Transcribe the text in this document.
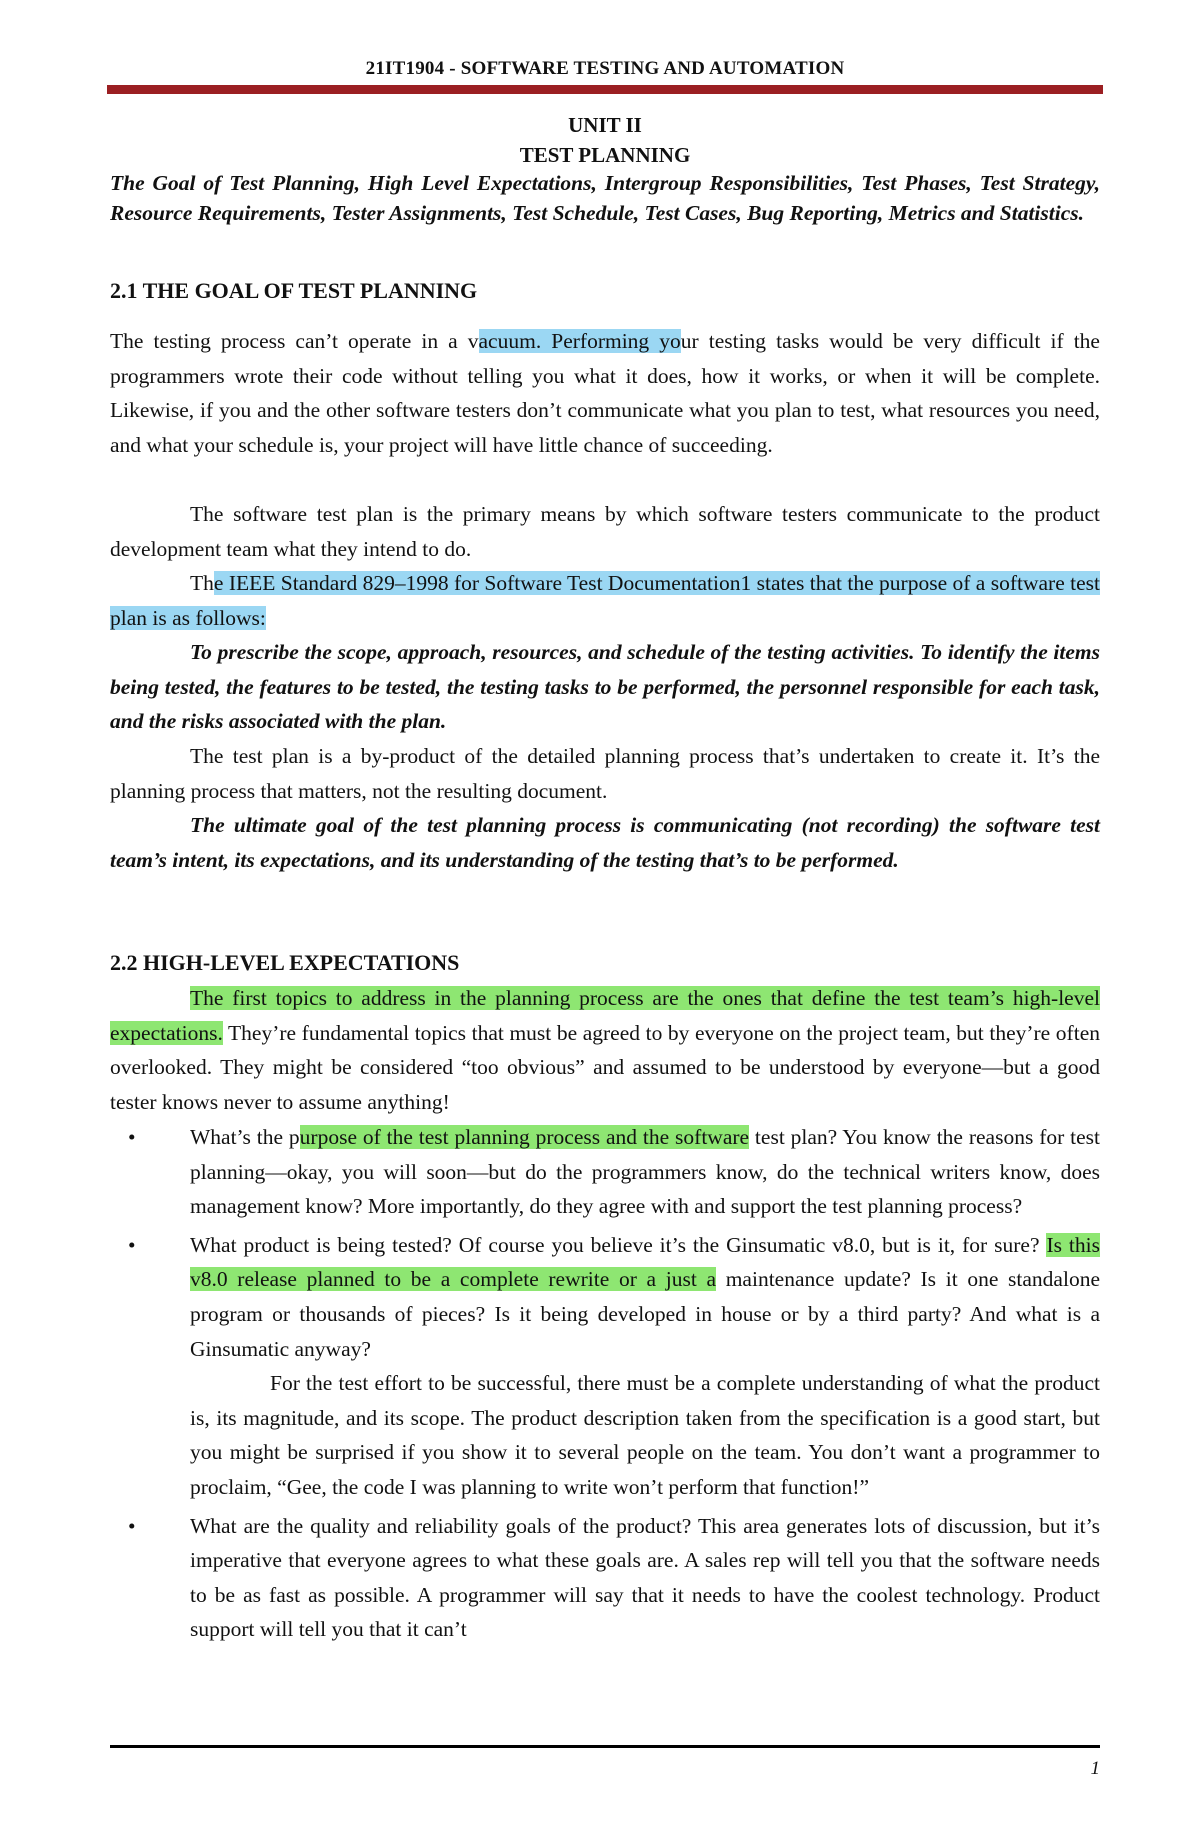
21IT1904 - SOFTWARE TESTING AND AUTOMATION
UNIT II
TEST PLANNING
The Goal of Test Planning, High Level Expectations, Intergroup Responsibilities, Test Phases, Test Strategy, Resource Requirements, Tester Assignments, Test Schedule, Test Cases, Bug Reporting, Metrics and Statistics.
2.1 THE GOAL OF TEST PLANNING
The testing process can’t operate in a vacuum. Performing your testing tasks would be very difficult if the programmers wrote their code without telling you what it does, how it works, or when it will be complete. Likewise, if you and the other software testers don’t communicate what you plan to test, what resources you need, and what your schedule is, your project will have little chance of succeeding.
The software test plan is the primary means by which software testers communicate to the product development team what they intend to do.
The IEEE Standard 829–1998 for Software Test Documentation1 states that the purpose of a software test plan is as follows:
To prescribe the scope, approach, resources, and schedule of the testing activities. To identify the items being tested, the features to be tested, the testing tasks to be performed, the personnel responsible for each task, and the risks associated with the plan.
The test plan is a by-product of the detailed planning process that’s undertaken to create it. It’s the planning process that matters, not the resulting document.
The ultimate goal of the test planning process is communicating (not recording) the software test team’s intent, its expectations, and its understanding of the testing that’s to be performed.
2.2 HIGH-LEVEL EXPECTATIONS
The first topics to address in the planning process are the ones that define the test team’s high-level expectations. They’re fundamental topics that must be agreed to by everyone on the project team, but they’re often overlooked. They might be considered “too obvious” and assumed to be understood by everyone—but a good tester knows never to assume anything!
•	What’s the purpose of the test planning process and the software test plan? You know the reasons for test planning—okay, you will soon—but do the programmers know, do the technical writers know, does management know? More importantly, do they agree with and support the test planning process?
•	What product is being tested? Of course you believe it’s the Ginsumatic v8.0, but is it, for sure? Is this v8.0 release planned to be a complete rewrite or a just a maintenance update? Is it one standalone program or thousands of pieces? Is it being developed in house or by a third party? And what is a Ginsumatic anyway?
For the test effort to be successful, there must be a complete understanding of what the product is, its magnitude, and its scope. The product description taken from the specification is a good start, but you might be surprised if you show it to several people on the team. You don’t want a programmer to proclaim, “Gee, the code I was planning to write won’t perform that function!”
•	What are the quality and reliability goals of the product? This area generates lots of discussion, but it’s imperative that everyone agrees to what these goals are. A sales rep will tell you that the software needs to be as fast as possible. A programmer will say that it needs to have the coolest technology. Product support will tell you that it can’t
1
